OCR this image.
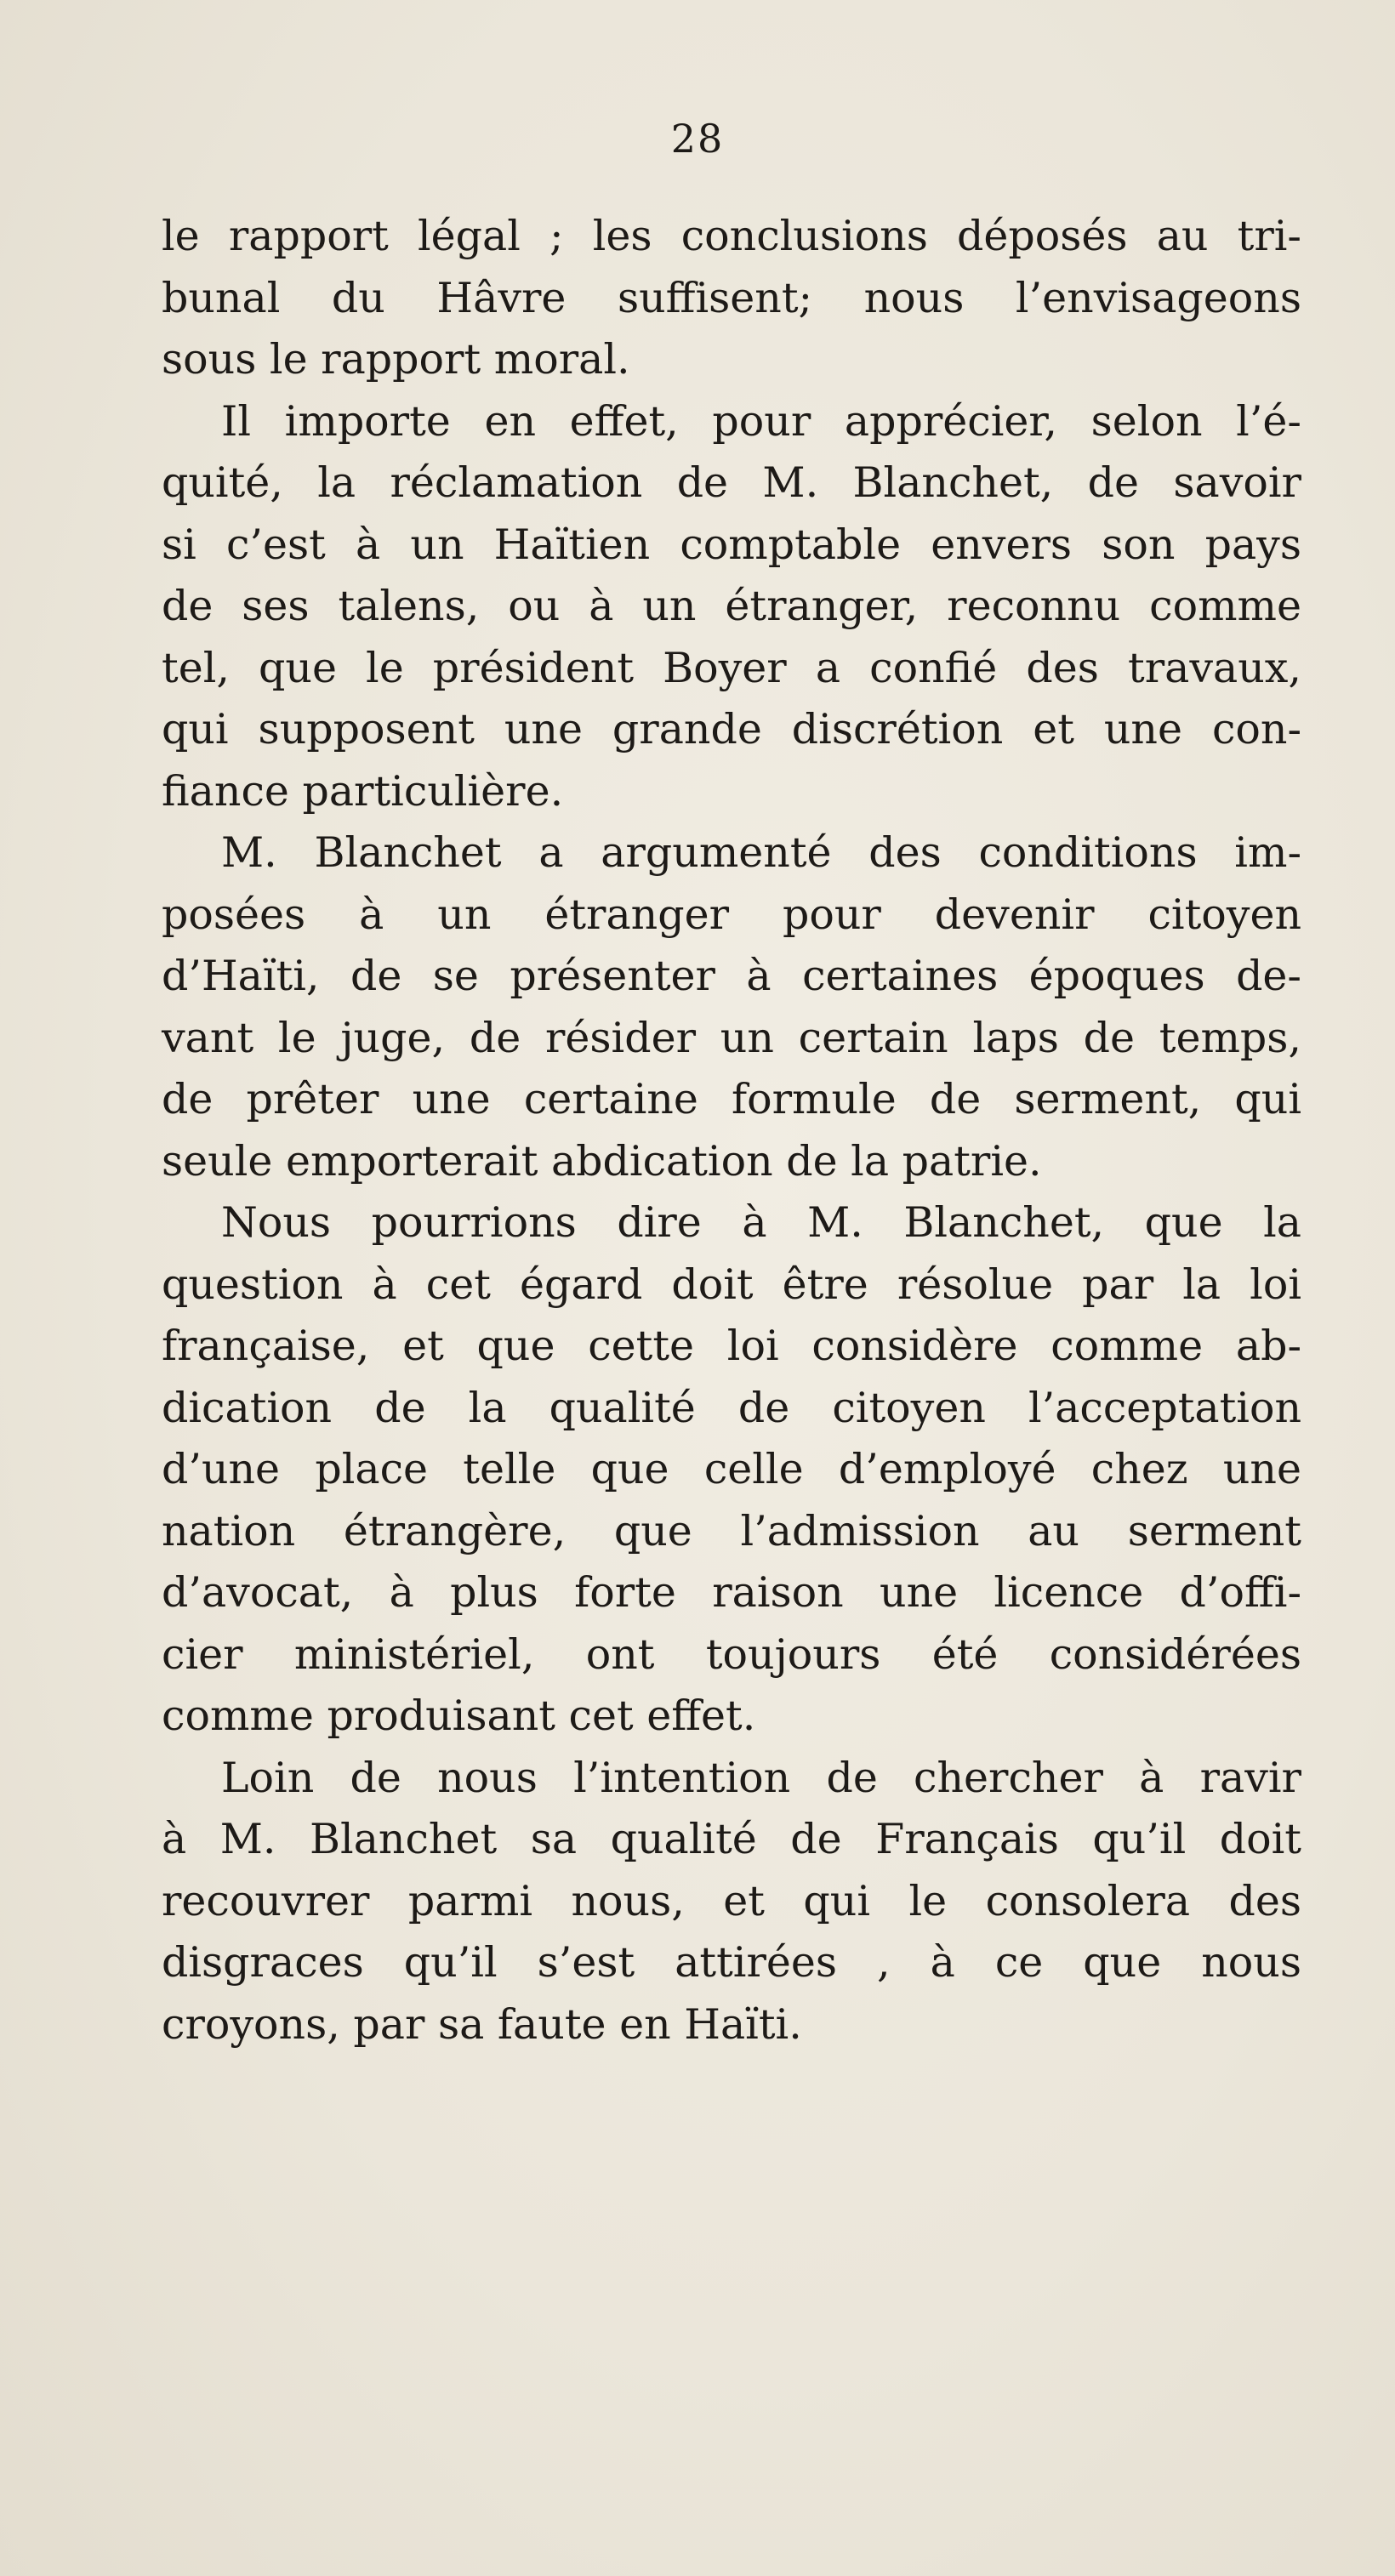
28
le rapport légal ; les conclusions déposés au tri-
bunal du Hâvre suffisent; nous l’envisageons
sous le rapport moral.
Il importe en effet, pour apprécier, selon l’é-
quité, la réclamation de M. Blanchet, de savoir
si c’est à un Haïtien comptable envers son pays
de ses talens, ou à un étranger, reconnu comme
tel, que le président Boyer a confié des travaux,
qui supposent une grande discrétion et une con-
fiance particulière.
M. Blanchet a argumenté des conditions im-
posées à un étranger pour devenir citoyen
d’Haïti, de se présenter à certaines époques de-
vant le juge, de résider un certain laps de temps,
de prêter une certaine formule de serment, qui
seule emporterait abdication de la patrie.
Nous pourrions dire à M. Blanchet, que la
question à cet égard doit être résolue par la loi
française, et que cette loi considère comme ab-
dication de la qualité de citoyen l’acceptation
d’une place telle que celle d’employé chez une
nation étrangère, que l’admission au serment
d’avocat, à plus forte raison une licence d’offi-
cier ministériel, ont toujours été considérées
comme produisant cet effet.
Loin de nous l’intention de chercher à ravir
à M. Blanchet sa qualité de Français qu’il doit
recouvrer parmi nous, et qui le consolera des
disgraces qu’il s’est attirées , à ce que nous
croyons, par sa faute en Haïti.
